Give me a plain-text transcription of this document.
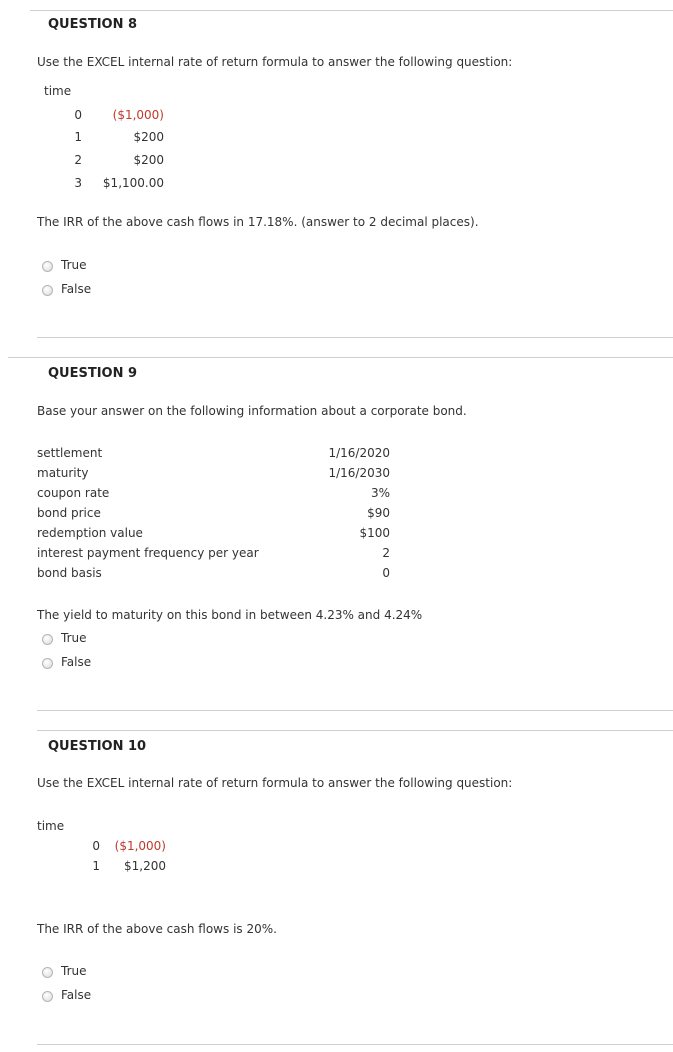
QUESTION 8
Use the EXCEL internal rate of return formula to answer the following question:
time
0	($1,000)
1	$200
2	$200
3	$1,100.00
The IRR of the above cash flows in 17.18%. (answer to 2 decimal places).
True
False
QUESTION 9
Base your answer on the following information about a corporate bond.
settlement	1/16/2020
maturity	1/16/2030
coupon rate	3%
bond price	$90
redemption value	$100
interest payment frequency per year	2
bond basis	0
The yield to maturity on this bond in between 4.23% and 4.24%
True
False
QUESTION 10
Use the EXCEL internal rate of return formula to answer the following question:
time
0	($1,000)
1	$1,200
The IRR of the above cash flows is 20%.
True
False
